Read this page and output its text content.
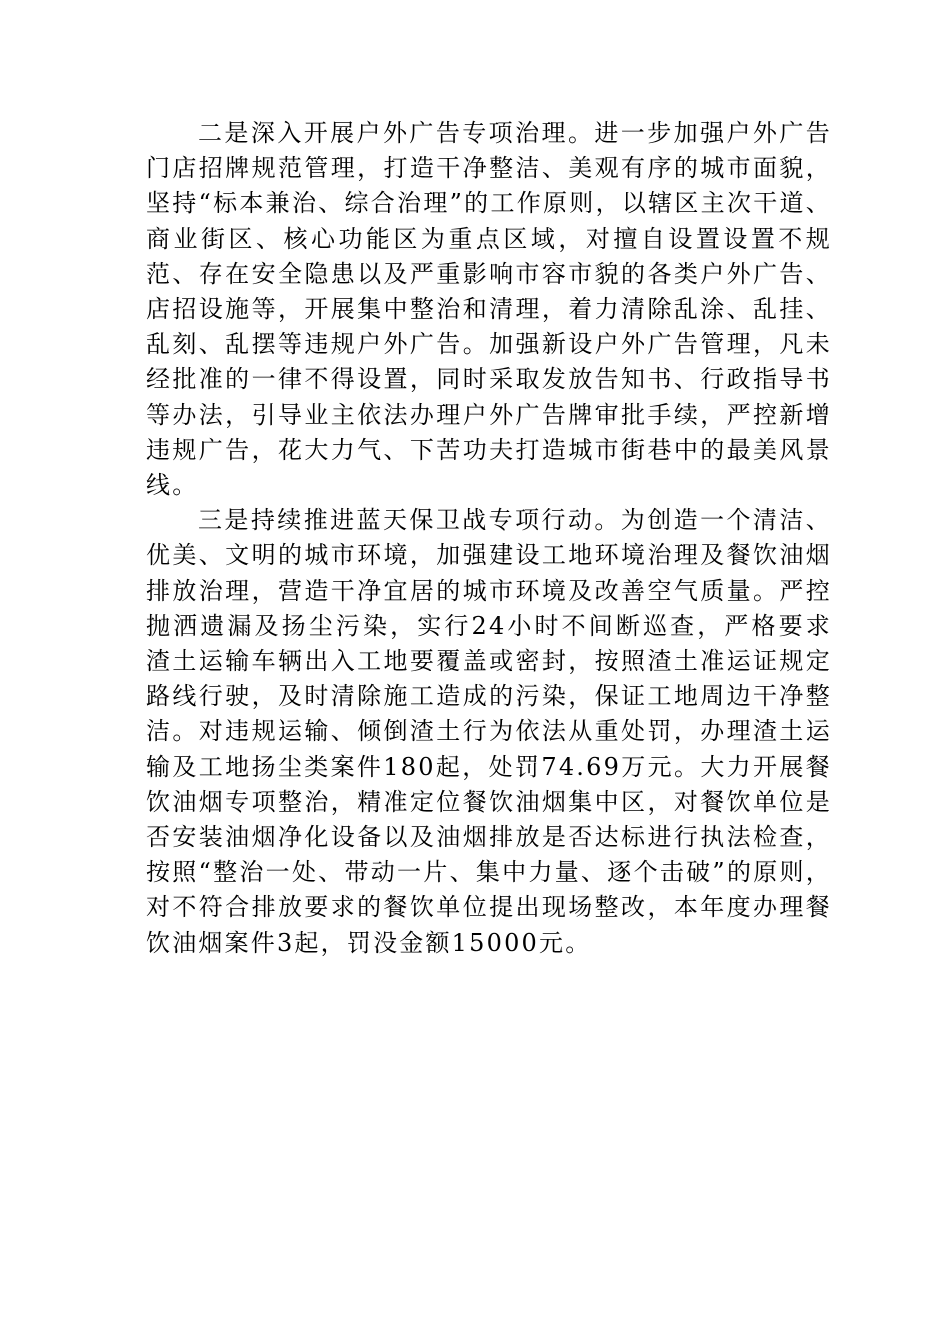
二是深入开展户外广告专项治理。进一步加强户外广告门店招牌规范管理，打造干净整洁、美观有序的城市面貌，坚持“标本兼治、综合治理”的工作原则，以辖区主次干道、商业街区、核心功能区为重点区域，对擅自设置设置不规范、存在安全隐患以及严重影响市容市貌的各类户外广告、店招设施等，开展集中整治和清理，着力清除乱涂、乱挂、乱刻、乱摆等违规户外广告。加强新设户外广告管理，凡未经批准的一律不得设置，同时采取发放告知书、行政指导书等办法，引导业主依法办理户外广告牌审批手续，严控新增违规广告，花大力气、下苦功夫打造城市街巷中的最美风景线。

三是持续推进蓝天保卫战专项行动。为创造一个清洁、优美、文明的城市环境，加强建设工地环境治理及餐饮油烟排放治理，营造干净宜居的城市环境及改善空气质量。严控抛洒遗漏及扬尘污染，实行24小时不间断巡查，严格要求渣土运输车辆出入工地要覆盖或密封，按照渣土准运证规定路线行驶，及时清除施工造成的污染，保证工地周边干净整洁。对违规运输、倾倒渣土行为依法从重处罚，办理渣土运输及工地扬尘类案件180起，处罚74.69万元。大力开展餐饮油烟专项整治，精准定位餐饮油烟集中区，对餐饮单位是否安装油烟净化设备以及油烟排放是否达标进行执法检查，按照“整治一处、带动一片、集中力量、逐个击破”的原则，对不符合排放要求的餐饮单位提出现场整改，本年度办理餐饮油烟案件3起，罚没金额15000元。
